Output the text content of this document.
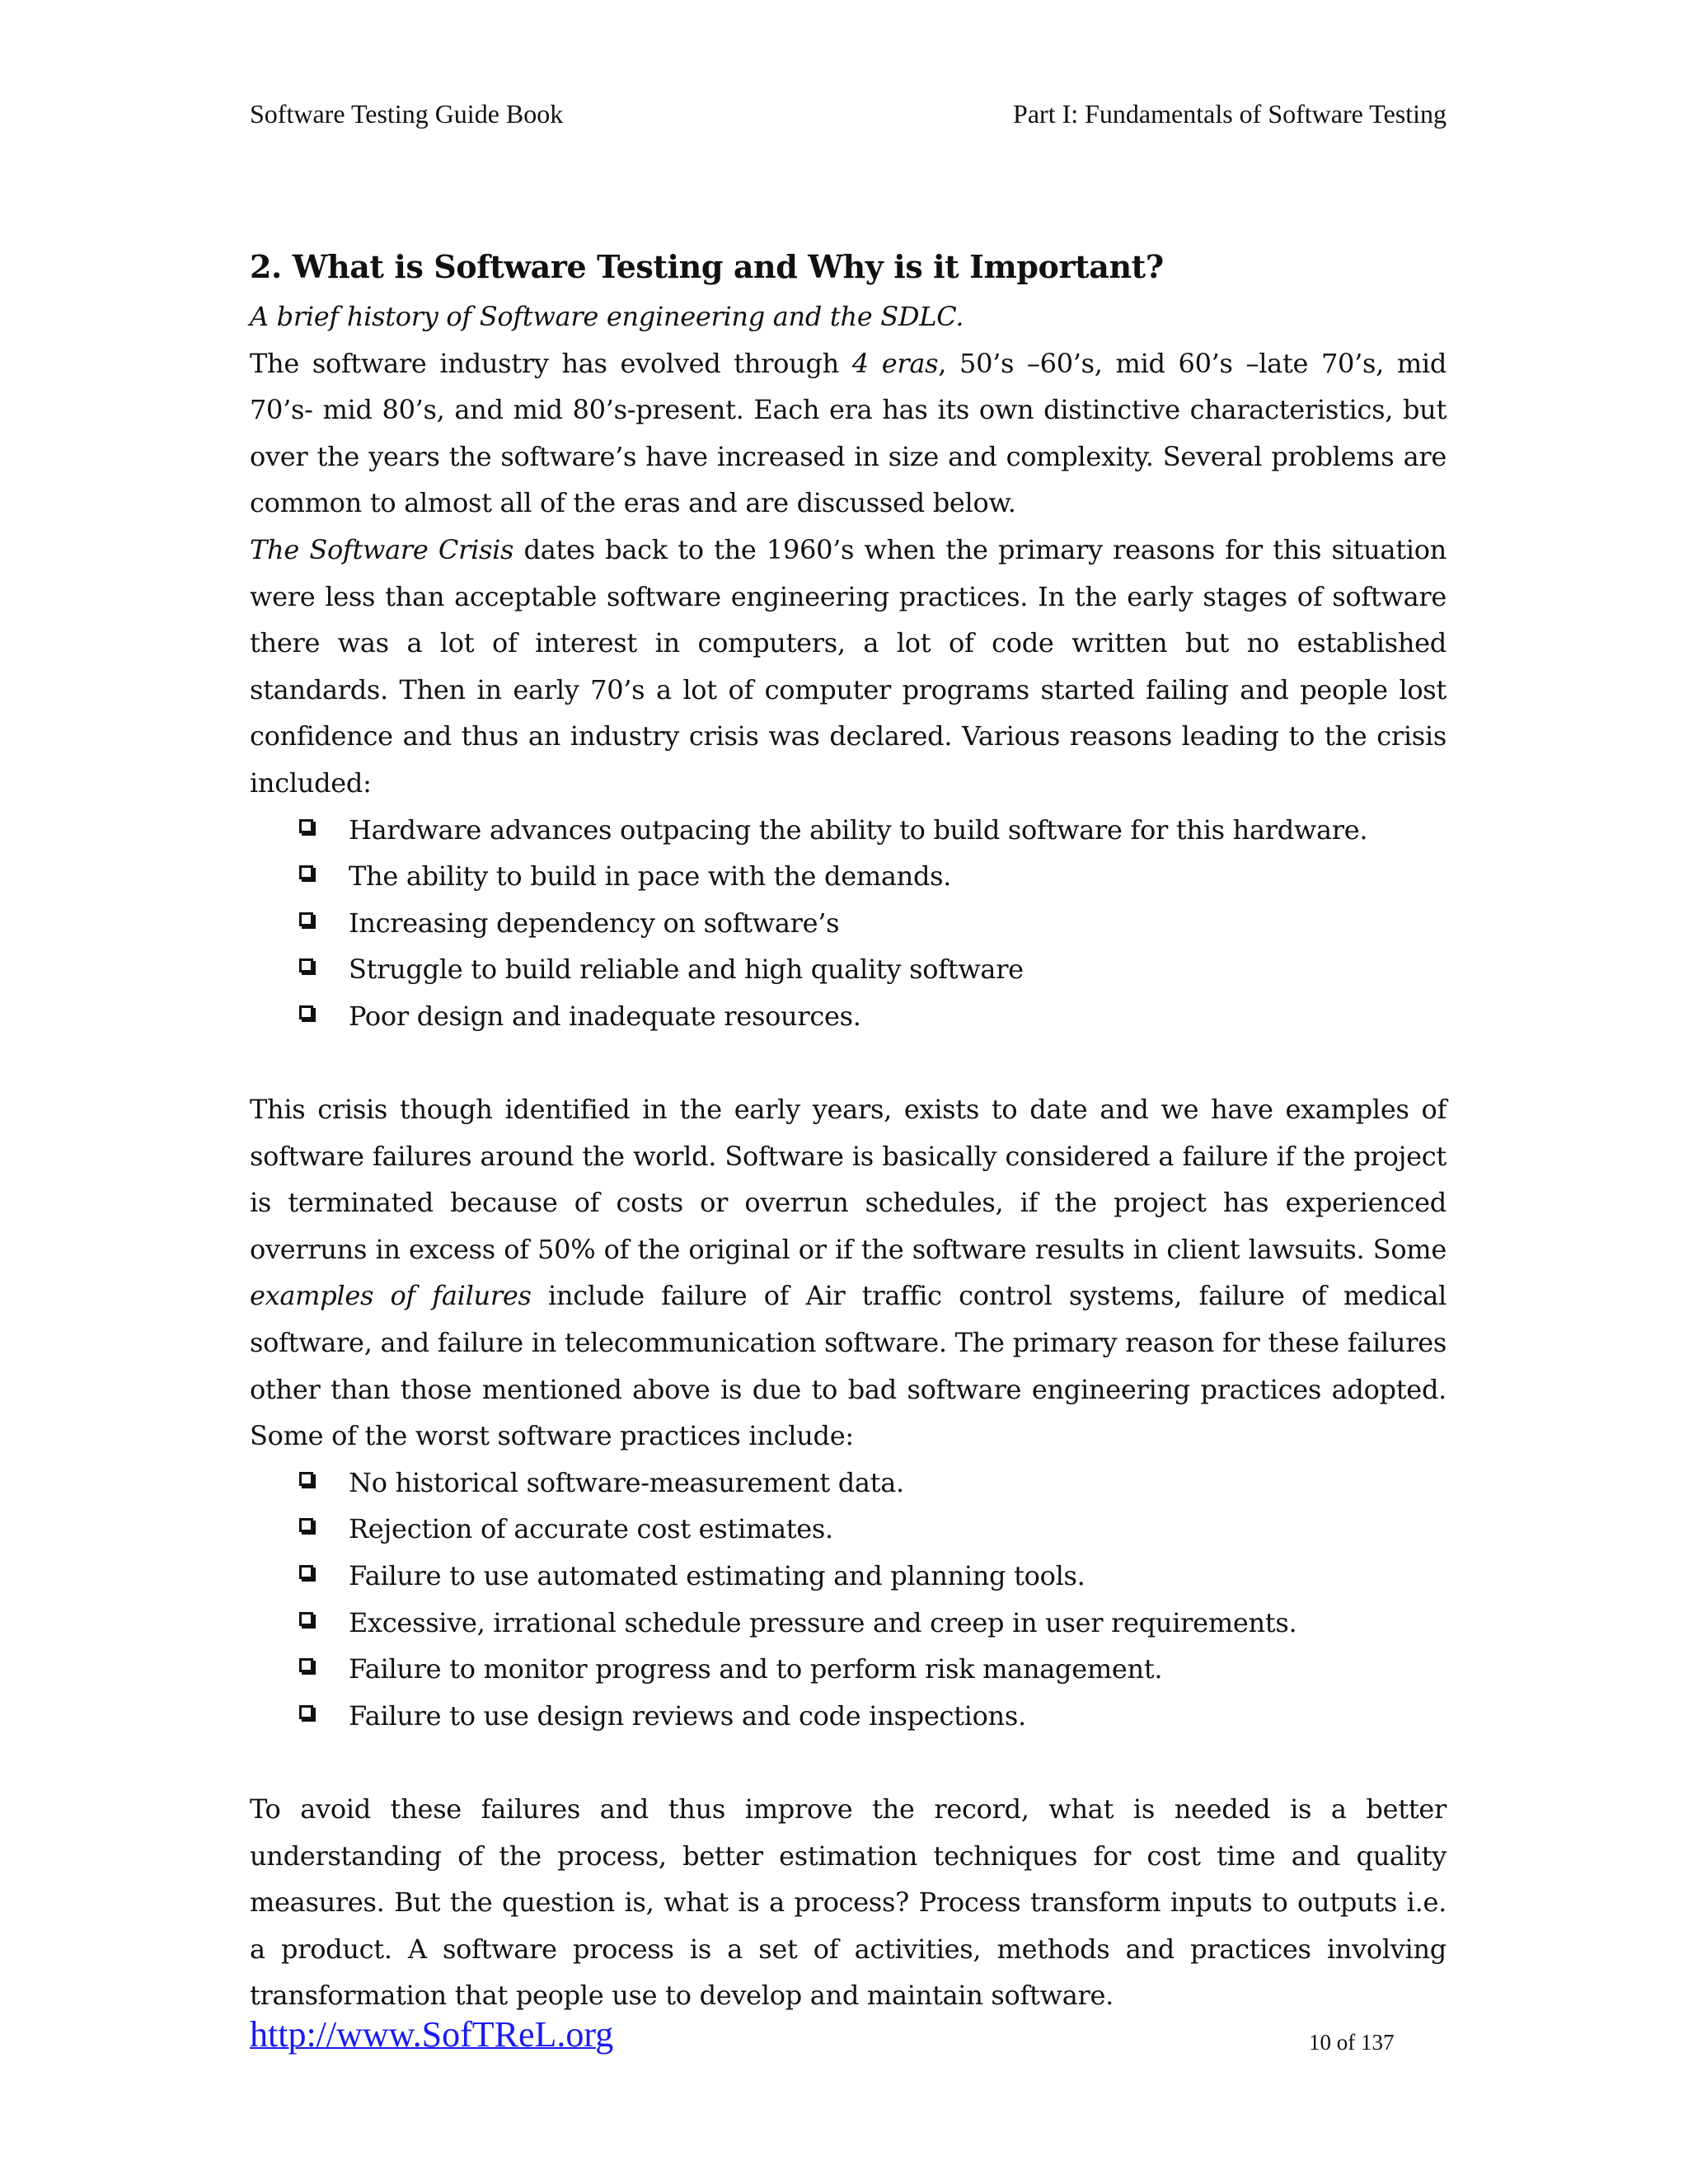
Software Testing Guide Book	Part I: Fundamentals of Software Testing
2. What is Software Testing and Why is it Important?

A brief history of Software engineering and the SDLC.

The software industry has evolved through 4 eras, 50’s –60’s, mid 60’s –late 70’s, mid 70’s- mid 80’s, and mid 80’s-present. Each era has its own distinctive characteristics, but over the years the software’s have increased in size and complexity. Several problems are common to almost all of the eras and are discussed below.

The Software Crisis dates back to the 1960’s when the primary reasons for this situation were less than acceptable software engineering practices. In the early stages of software there was a lot of interest in computers, a lot of code written but no established standards. Then in early 70’s a lot of computer programs started failing and people lost confidence and thus an industry crisis was declared. Various reasons leading to the crisis included:

Hardware advances outpacing the ability to build software for this hardware.
The ability to build in pace with the demands.
Increasing dependency on software’s
Struggle to build reliable and high quality software
Poor design and inadequate resources.

This crisis though identified in the early years, exists to date and we have examples of software failures around the world. Software is basically considered a failure if the project is terminated because of costs or overrun schedules, if the project has experienced overruns in excess of 50% of the original or if the software results in client lawsuits. Some examples of failures include failure of Air traffic control systems, failure of medical software, and failure in telecommunication software. The primary reason for these failures other than those mentioned above is due to bad software engineering practices adopted. Some of the worst software practices include:

No historical software-measurement data.
Rejection of accurate cost estimates.
Failure to use automated estimating and planning tools.
Excessive, irrational schedule pressure and creep in user requirements.
Failure to monitor progress and to perform risk management.
Failure to use design reviews and code inspections.

To avoid these failures and thus improve the record, what is needed is a better understanding of the process, better estimation techniques for cost time and quality measures. But the question is, what is a process? Process transform inputs to outputs i.e. a product. A software process is a set of activities, methods and practices involving transformation that people use to develop and maintain software.

http://www.SofTReL.org	10 of 137
